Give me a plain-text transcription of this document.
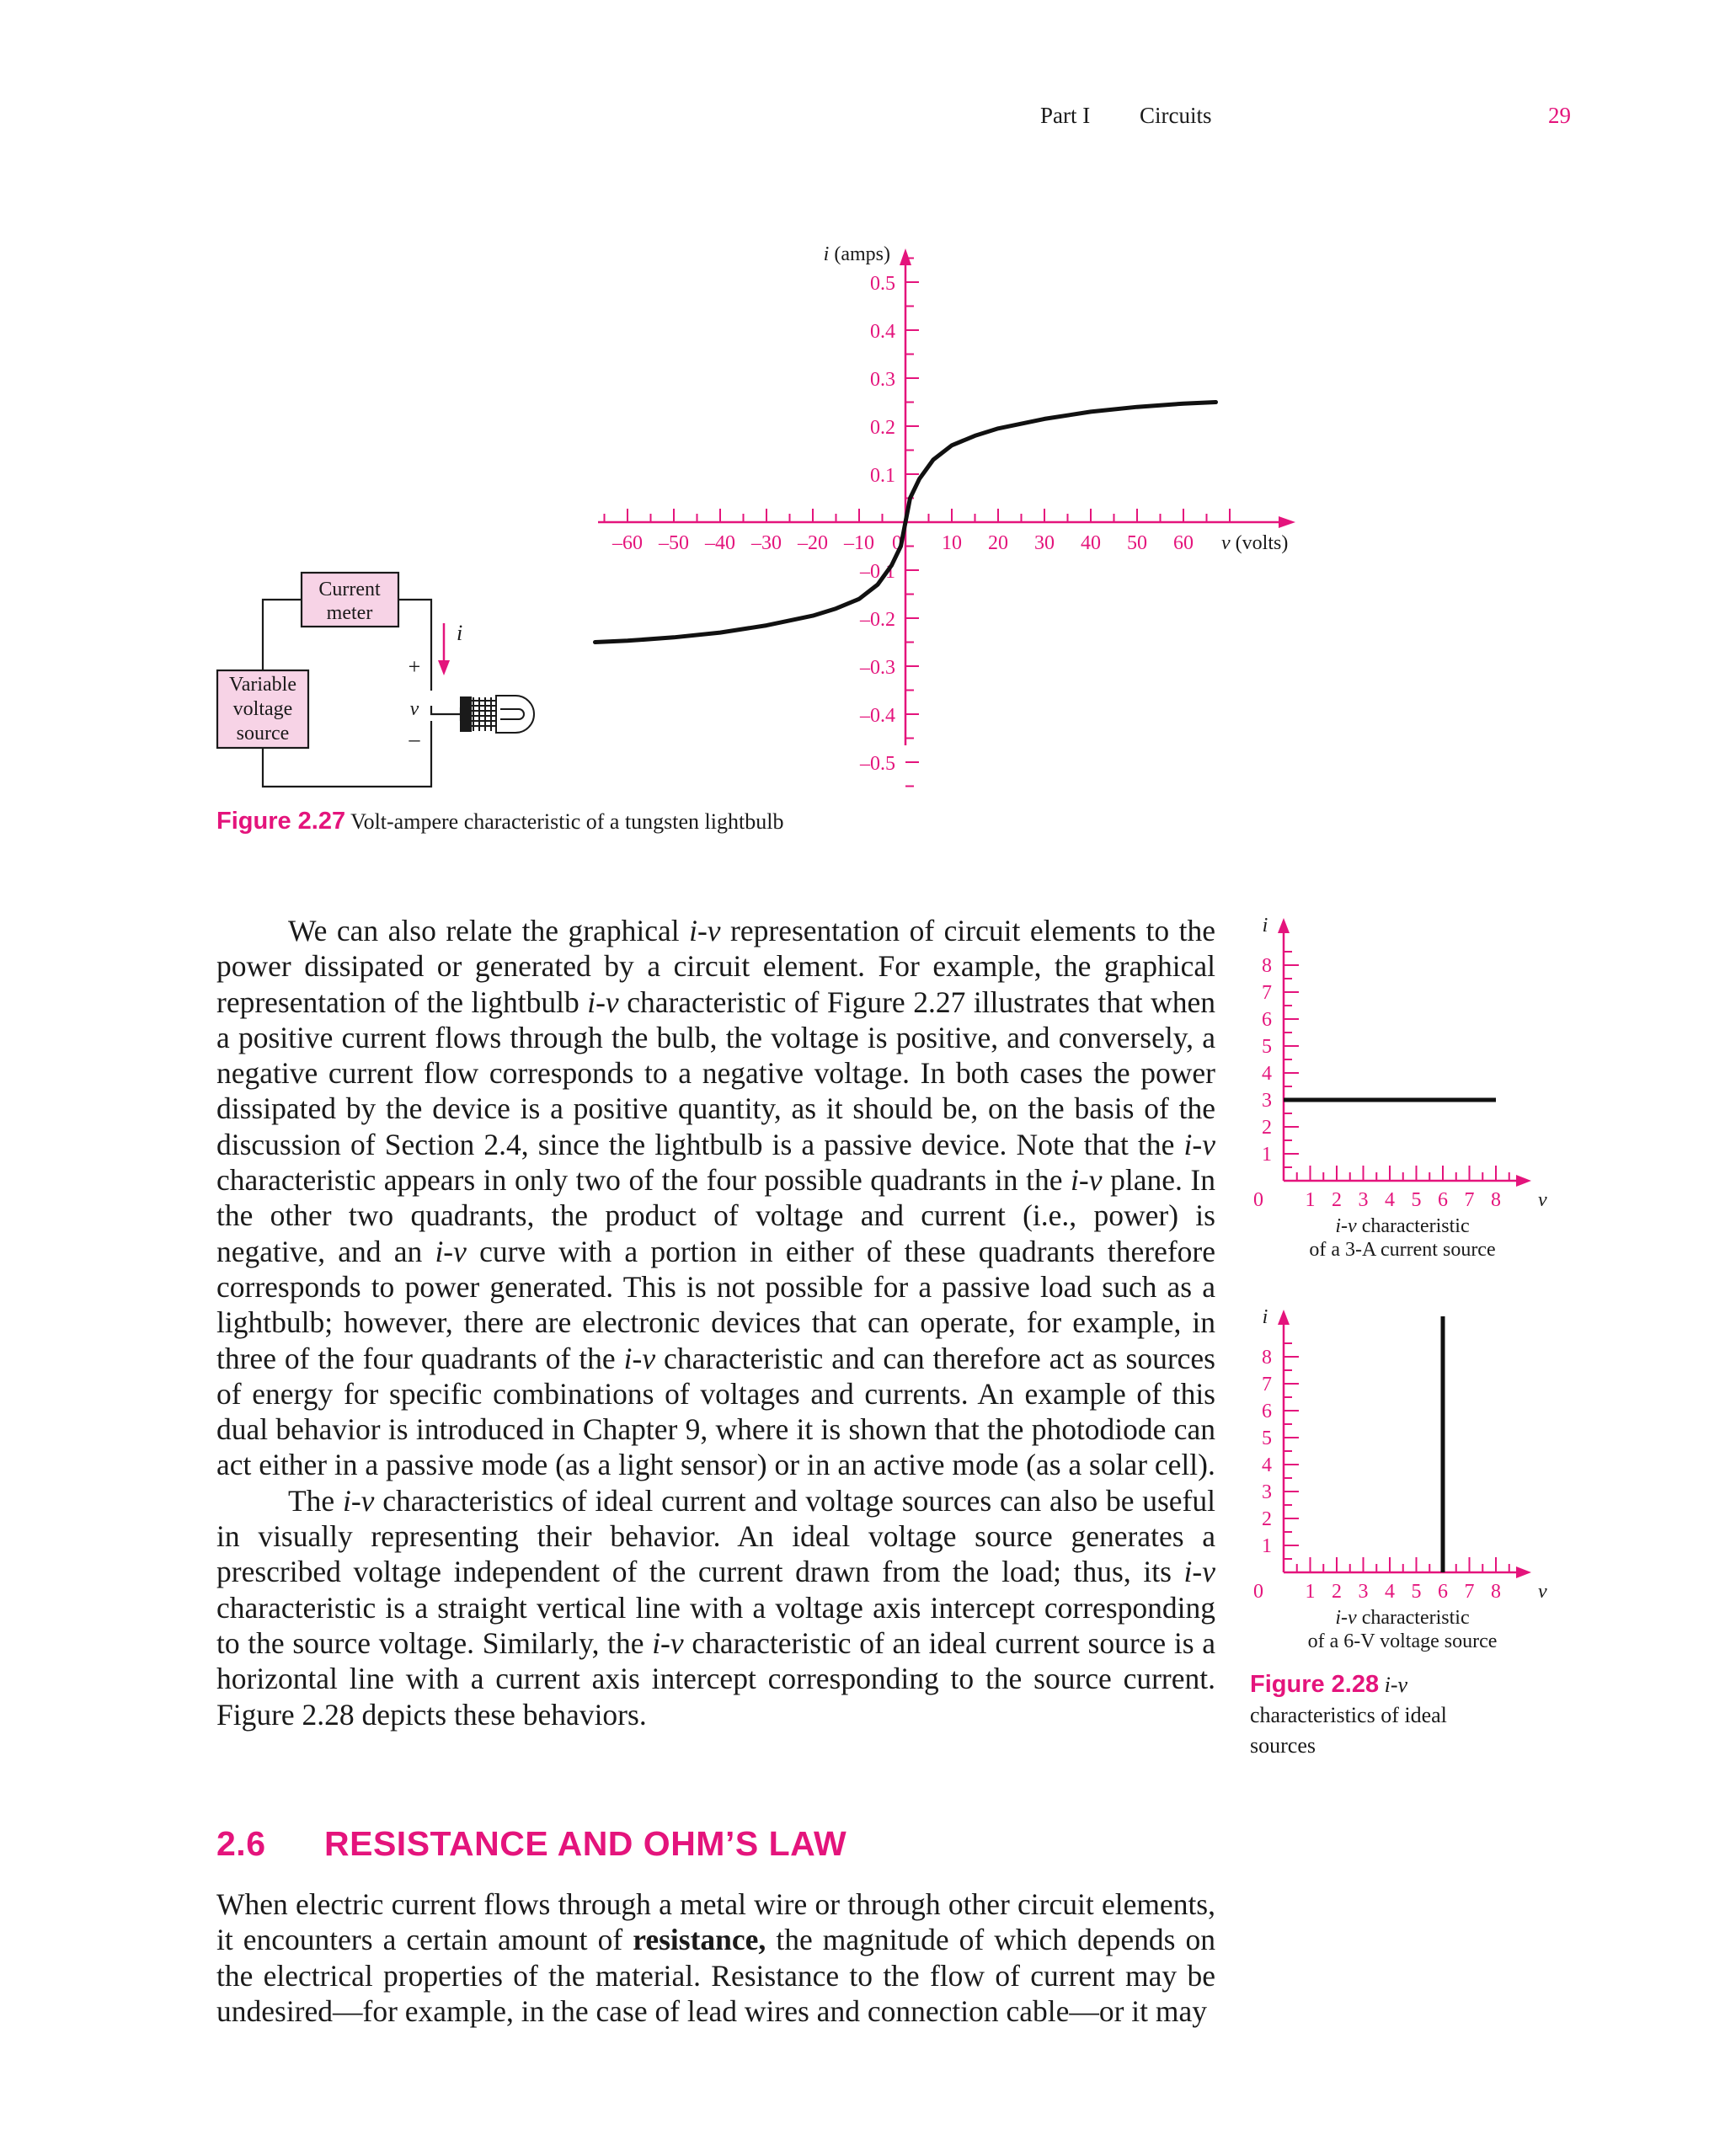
Part I Circuits	29
Current
meter
Variable
voltage
source
i
+
v
–
–60 –50 –40 –30 –20 –10 0 10 20 30 40 50 60
0.5
0.4
0.3
0.2
0.1
–0.1
–0.2
–0.3
–0.4
–0.5
v (volts)
i (amps)
Figure 2.27 Volt-ampere characteristic of a tungsten lightbulb
1 2 3 4 5 6 7 8
8
7
6
5
4
3
2
1
0	v
i
i-v characteristic
of a 3-A current source
1 2 3 4 5 6 7 8
8
7
6
5
4
3
2
1
0	v
i
i-v characteristic
of a 6-V voltage source
Figure 2.28 i-v
characteristics of ideal
sources

We can also relate the graphical i-v representation of circuit elements to the power dissipated or generated by a circuit element. For example, the graphical representation of the lightbulb i-v characteristic of Figure 2.27 illustrates that when a positive current flows through the bulb, the voltage is positive, and conversely, a negative current flow corresponds to a negative voltage. In both cases the power dissipated by the device is a positive quantity, as it should be, on the basis of the discussion of Section 2.4, since the lightbulb is a passive device. Note that the i-v characteristic appears in only two of the four possible quadrants in the i-v plane. In the other two quadrants, the product of voltage and current (i.e., power) is negative, and an i-v curve with a portion in either of these quadrants therefore corresponds to power generated. This is not possible for a passive load such as a lightbulb; however, there are electronic devices that can operate, for example, in three of the four quadrants of the i-v characteristic and can therefore act as sources of energy for specific combinations of voltages and currents. An example of this dual behavior is introduced in Chapter 9, where it is shown that the photodiode can act either in a passive mode (as a light sensor) or in an active mode (as a solar cell).

The i-v characteristics of ideal current and voltage sources can also be useful in visually representing their behavior. An ideal voltage source generates a prescribed voltage independent of the current drawn from the load; thus, its i-v characteristic is a straight vertical line with a voltage axis intercept corresponding to the source voltage. Similarly, the i-v characteristic of an ideal current source is a horizontal line with a current axis intercept corresponding to the source current. Figure 2.28 depicts these behaviors.

2.6 RESISTANCE AND OHM’S LAW

When electric current flows through a metal wire or through other circuit elements, it encounters a certain amount of resistance, the magnitude of which depends on the electrical properties of the material. Resistance to the flow of current may be undesired—for example, in the case of lead wires and connection cable—or it may
